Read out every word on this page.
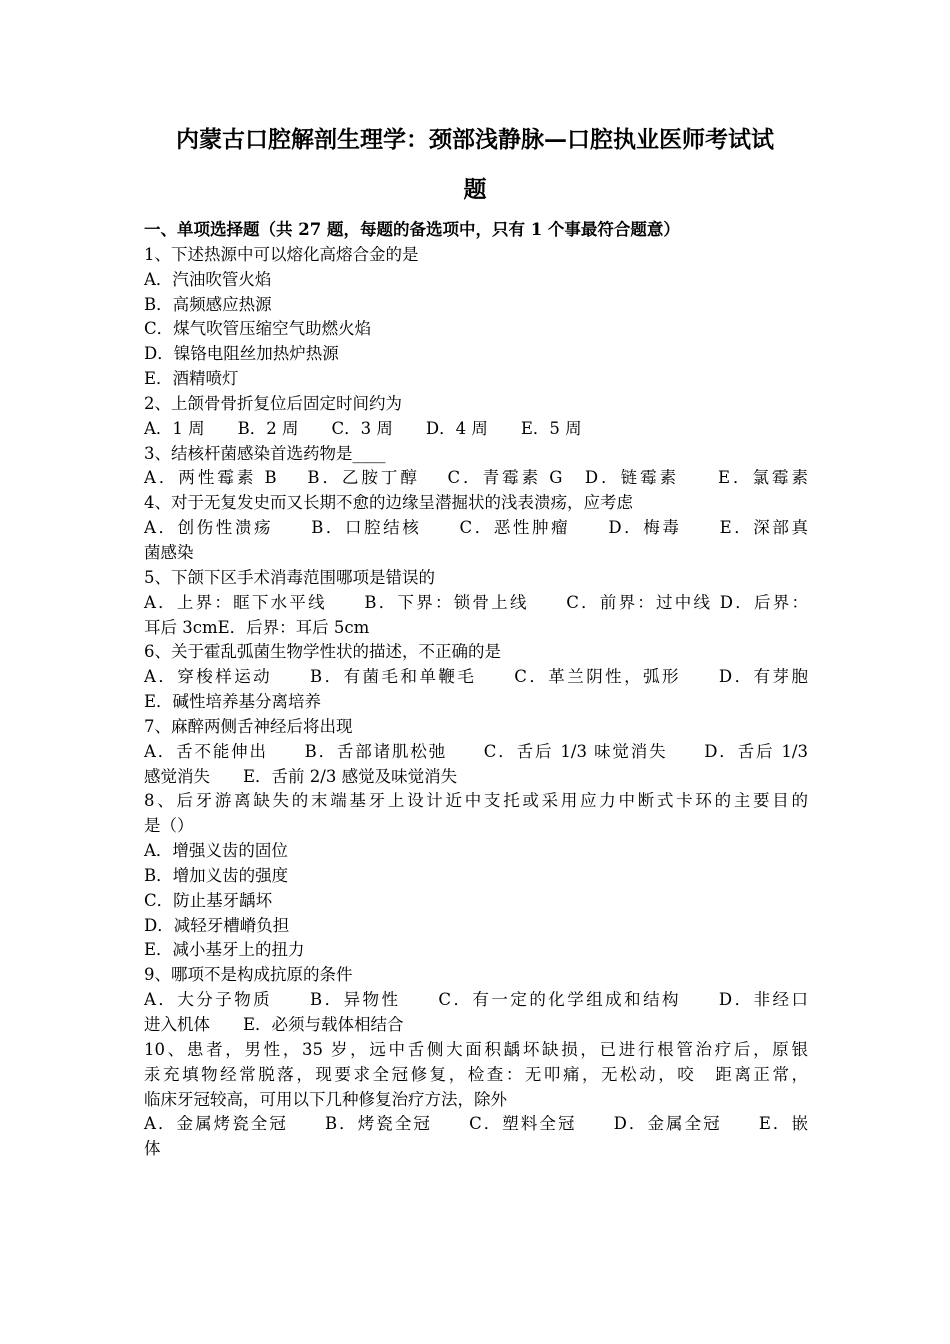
内蒙古口腔解剖生理学：颈部浅静脉—口腔执业医师考试试
题
一、单项选择题（共 27 题，每题的备选项中，只有 1 个事最符合题意）
1、下述热源中可以熔化高熔合金的是
A．汽油吹管火焰
B．高频感应热源
C．煤气吹管压缩空气助燃火焰
D．镍铬电阻丝加热炉热源
E．酒精喷灯
2、上颌骨骨折复位后固定时间约为
A．1 周　　B．2 周　　C．3 周　　D．4 周　　E．5 周
3、结核杆菌感染首选药物是____
A．两性霉素 B　 B．乙胺丁醇　 C．青霉素 G　D．链霉素　　E．氯霉素
4、对于无复发史而又长期不愈的边缘呈潜掘状的浅表溃疡，应考虑
A．创伤性溃疡　　B．口腔结核　　C．恶性肿瘤　　D．梅毒　　E．深部真
菌感染
5、下颌下区手术消毒范围哪项是错误的
A．上界：眶下水平线　　B．下界：锁骨上线　　C．前界：过中线 D．后界：
耳后 3cmE．后界：耳后 5cm
6、关于霍乱弧菌生物学性状的描述，不正确的是
A．穿梭样运动　　B．有菌毛和单鞭毛　　C．革兰阴性，弧形　　D．有芽胞
E．碱性培养基分离培养
7、麻醉两侧舌神经后将出现
A．舌不能伸出　　B．舌部诸肌松弛　　C．舌后 1/3 味觉消失　　D．舌后 1/3
感觉消失　　E．舌前 2/3 感觉及味觉消失
8、后牙游离缺失的末端基牙上设计近中支托或采用应力中断式卡环的主要目的
是（）
A．增强义齿的固位
B．增加义齿的强度
C．防止基牙龋坏
D．减轻牙槽嵴负担
E．减小基牙上的扭力
9、哪项不是构成抗原的条件
A．大分子物质　　B．异物性　　C．有一定的化学组成和结构　　D．非经口
进入机体　　E．必须与载体相结合
10、患者，男性，35 岁，远中舌侧大面积龋坏缺损，已进行根管治疗后，原银
汞充填物经常脱落，现要求全冠修复，检查：无叩痛，无松动，咬　距离正常，
临床牙冠较高，可用以下几种修复治疗方法，除外
A．金属烤瓷全冠　　B．烤瓷全冠　　C．塑料全冠　　D．金属全冠　　E．嵌
体
